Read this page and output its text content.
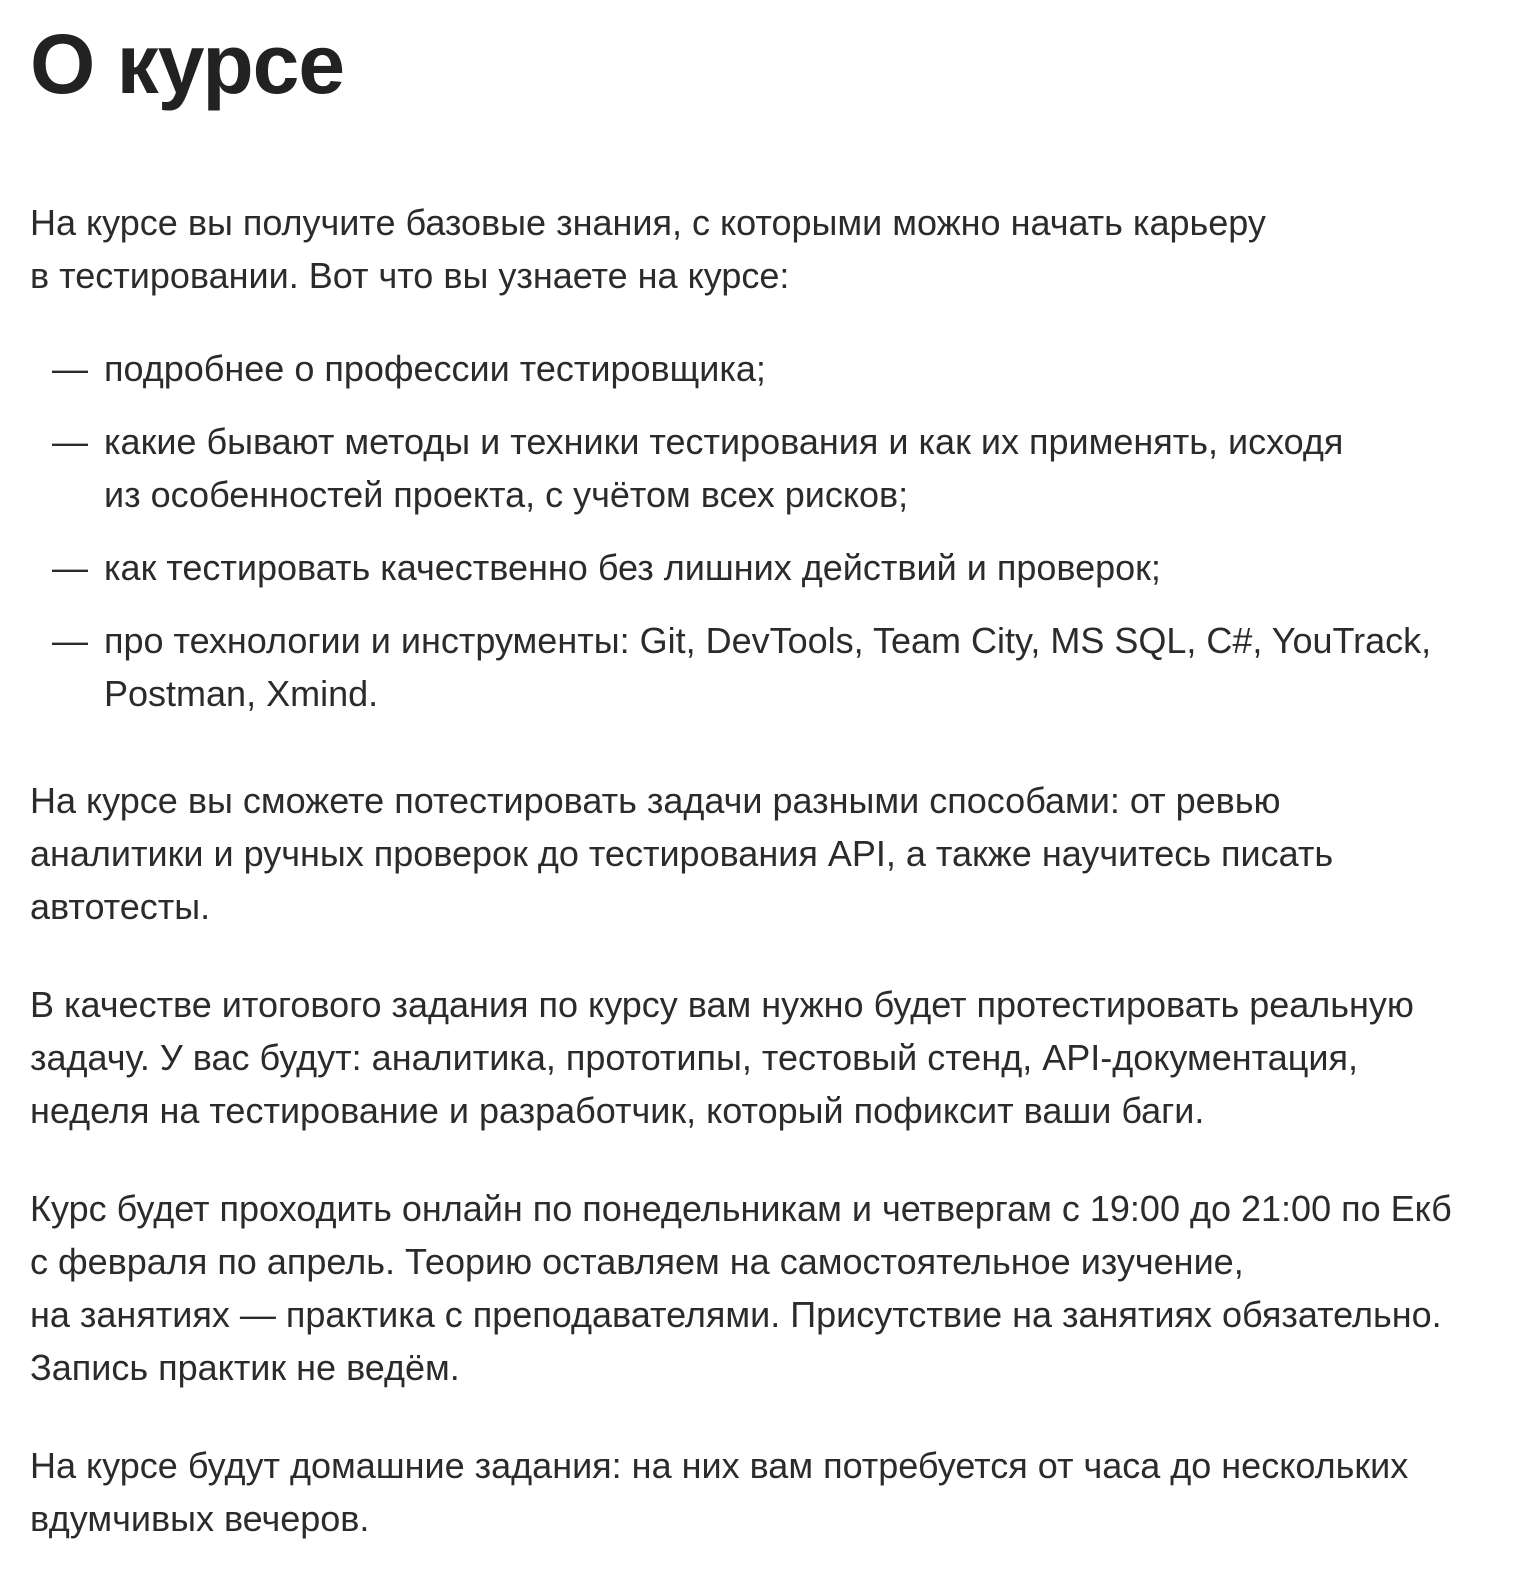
О курсе

На курсе вы получите базовые знания, с которыми можно начать карьеру
в тестировании. Вот что вы узнаете на курсе:

— подробнее о профессии тестировщика;
— какие бывают методы и техники тестирования и как их применять, исходя
из особенностей проекта, с учётом всех рисков;
— как тестировать качественно без лишних действий и проверок;
— про технологии и инструменты: Git, DevTools, Team City, MS SQL, C#, YouTrack,
Postman, Xmind.

На курсе вы сможете потестировать задачи разными способами: от ревью
аналитики и ручных проверок до тестирования API, а также научитесь писать
автотесты.

В качестве итогового задания по курсу вам нужно будет протестировать реальную
задачу. У вас будут: аналитика, прототипы, тестовый стенд, API-документация,
неделя на тестирование и разработчик, который пофиксит ваши баги.

Курс будет проходить онлайн по понедельникам и четвергам с 19:00 до 21:00 по Екб
с февраля по апрель. Теорию оставляем на самостоятельное изучение,
на занятиях — практика с преподавателями. Присутствие на занятиях обязательно.
Запись практик не ведём.

На курсе будут домашние задания: на них вам потребуется от часа до нескольких
вдумчивых вечеров.
